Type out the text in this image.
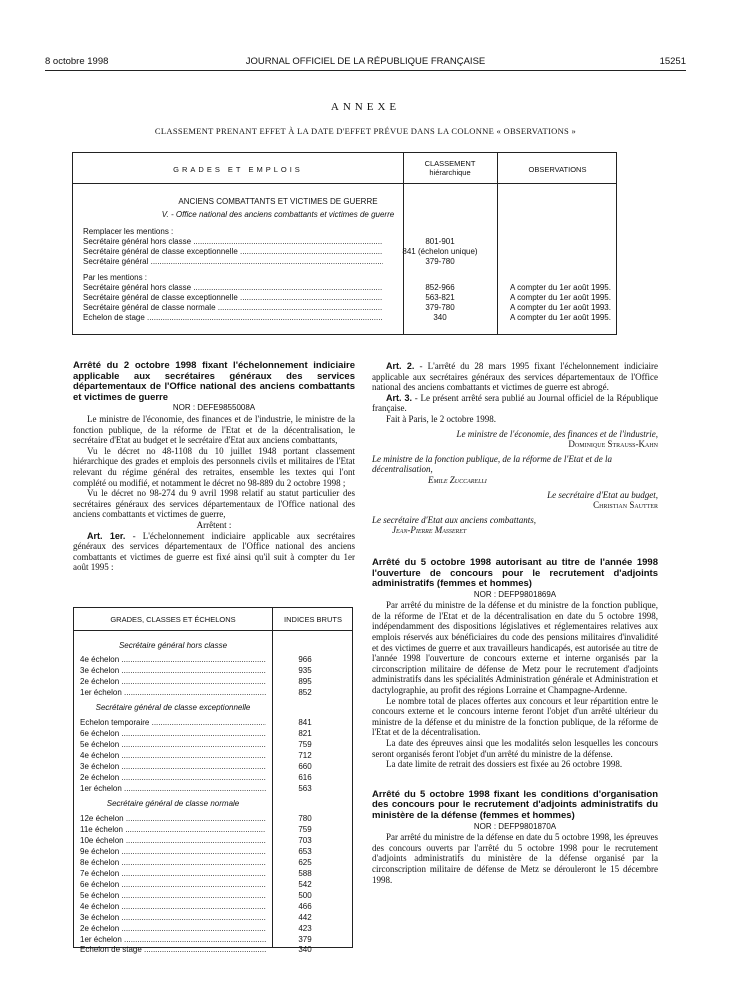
8 octobre 1998	JOURNAL OFFICIEL DE LA RÉPUBLIQUE FRANÇAISE	15251
ANNEXE
CLASSEMENT PRENANT EFFET À LA DATE D'EFFET PRÉVUE DANS LA COLONNE « OBSERVATIONS »
GRADES ET EMPLOIS
CLASSEMENT
hiérarchique	OBSERVATIONS
ANCIENS COMBATTANTS ET VICTIMES DE GUERRE
V. - Office national des anciens combattants et victimes de guerre
Remplacer les mentions :
Secrétaire général hors classe .....	801-901
Secrétaire général de classe exceptionnelle .....	841 (échelon unique)
Secrétaire général .....	379-780
Par les mentions :
Secrétaire général hors classe .....	852-966	A compter du 1er août 1995.
Secrétaire général de classe exceptionnelle .....	563-821	A compter du 1er août 1995.
Secrétaire général de classe normale .....	379-780	A compter du 1er août 1993.
Echelon de stage .....	340	A compter du 1er août 1995.

Arrêté du 2 octobre 1998 fixant l'échelonnement indiciaire applicable aux secrétaires généraux des services départementaux de l'Office national des anciens combattants et victimes de guerre

NOR : DEFE9855008A

Le ministre de l'économie, des finances et de l'industrie, le ministre de la fonction publique, de la réforme de l'Etat et de la décentralisation, le secrétaire d'Etat au budget et le secrétaire d'Etat aux anciens combattants,

Vu le décret no 48-1108 du 10 juillet 1948 portant classement hiérarchique des grades et emplois des personnels civils et militaires de l'Etat relevant du régime général des retraites, ensemble les textes qui l'ont complété ou modifié, et notamment le décret no 98-889 du 2 octobre 1998 ;

Vu le décret no 98-274 du 9 avril 1998 relatif au statut particulier des secrétaires généraux des services départementaux de l'Office national des anciens combattants et victimes de guerre,

Arrêtent :

Art. 1er. - L'échelonnement indiciaire applicable aux secrétaires généraux des services départementaux de l'Office national des anciens combattants et victimes de guerre est fixé ainsi qu'il suit à compter du 1er août 1995 :

GRADES, CLASSES ET ÉCHELONS	INDICES BRUTS
Secrétaire général hors classe
4e échelon .....	966
3e échelon .....	935
2e échelon .....	895
1er échelon .....	852
Secrétaire général de classe exceptionnelle
Echelon temporaire .....	841
6e échelon .....	821
5e échelon .....	759
4e échelon .....	712
3e échelon .....	660
2e échelon .....	616
1er échelon .....	563
Secrétaire général de classe normale
12e échelon .....	780
11e échelon .....	759
10e échelon .....	703
9e échelon .....	653
8e échelon .....	625
7e échelon .....	588
6e échelon .....	542
5e échelon .....	500
4e échelon .....	466
3e échelon .....	442
2e échelon .....	423
1er échelon .....	379
Echelon de stage .....	340

Art. 2. - L'arrêté du 28 mars 1995 fixant l'échelonnement indiciaire applicable aux secrétaires généraux des services départementaux de l'Office national des anciens combattants et victimes de guerre est abrogé.

Art. 3. - Le présent arrêté sera publié au Journal officiel de la République française.

Fait à Paris, le 2 octobre 1998.

Le ministre de l'économie, des finances et de l'industrie,

Dominique Strauss-Kahn

Le ministre de la fonction publique, de la réforme de l'Etat et de la décentralisation,

Emile Zuccarelli

Le secrétaire d'Etat au budget,

Christian Sautter

Le secrétaire d'Etat aux anciens combattants,

Jean-Pierre Masseret

Arrêté du 5 octobre 1998 autorisant au titre de l'année 1998 l'ouverture de concours pour le recrutement d'adjoints administratifs (femmes et hommes)

NOR : DEFP9801869A

Par arrêté du ministre de la défense et du ministre de la fonction publique, de la réforme de l'Etat et de la décentralisation en date du 5 octobre 1998, indépendamment des dispositions législatives et réglementaires relatives aux emplois réservés aux bénéficiaires du code des pensions militaires d'invalidité et des victimes de guerre et aux travailleurs handicapés, est autorisée au titre de l'année 1998 l'ouverture de concours externe et interne organisés par la circonscription militaire de défense de Metz pour le recrutement d'adjoints administratifs dans les spécialités Administration générale et Administration et dactylographie, au profit des régions Lorraine et Champagne-Ardenne.

Le nombre total de places offertes aux concours et leur répartition entre le concours externe et le concours interne feront l'objet d'un arrêté ultérieur du ministre de la défense et du ministre de la fonction publique, de la réforme de l'Etat et de la décentralisation.

La date des épreuves ainsi que les modalités selon lesquelles les concours seront organisés feront l'objet d'un arrêté du ministre de la défense.

La date limite de retrait des dossiers est fixée au 26 octobre 1998.

Arrêté du 5 octobre 1998 fixant les conditions d'organisation des concours pour le recrutement d'adjoints administratifs du ministère de la défense (femmes et hommes)

NOR : DEFP9801870A

Par arrêté du ministre de la défense en date du 5 octobre 1998, les épreuves des concours ouverts par l'arrêté du 5 octobre 1998 pour le recrutement d'adjoints administratifs du ministère de la défense organisé par la circonscription militaire de défense de Metz se dérouleront le 15 décembre 1998.
